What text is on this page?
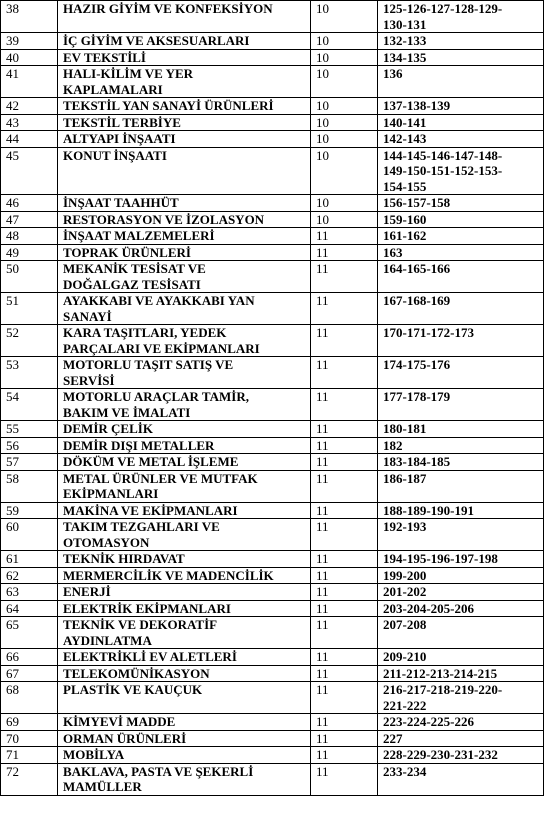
38	HAZIR GİYİM VE KONFEKSİYON	10	125-126-127-128-129-
130-131
39	İÇ GİYİM VE AKSESUARLARI	10	132-133
40	EV TEKSTİLİ	10	134-135
41	HALI-KİLİM VE YER
KAPLAMALARI	10	136
42	TEKSTİL YAN SANAYİ ÜRÜNLERİ	10	137-138-139
43	TEKSTİL TERBİYE	10	140-141
44	ALTYAPI İNŞAATI	10	142-143
45	KONUT İNŞAATI	10	144-145-146-147-148-
149-150-151-152-153-
154-155
46	İNŞAAT TAAHHÜT	10	156-157-158
47	RESTORASYON VE İZOLASYON	10	159-160
48	İNŞAAT MALZEMELERİ	11	161-162
49	TOPRAK ÜRÜNLERİ	11	163
50	MEKANİK TESİSAT VE
DOĞALGAZ TESİSATI	11	164-165-166
51	AYAKKABI VE AYAKKABI YAN
SANAYİ	11	167-168-169
52	KARA TAŞITLARI, YEDEK
PARÇALARI VE EKİPMANLARI	11	170-171-172-173
53	MOTORLU TAŞIT SATIŞ VE
SERVİSİ	11	174-175-176
54	MOTORLU ARAÇLAR TAMİR,
BAKIM VE İMALATI	11	177-178-179
55	DEMİR ÇELİK	11	180-181
56	DEMİR DIŞI METALLER	11	182
57	DÖKÜM VE METAL İŞLEME	11	183-184-185
58	METAL ÜRÜNLER VE MUTFAK
EKİPMANLARI	11	186-187
59	MAKİNA VE EKİPMANLARI	11	188-189-190-191
60	TAKIM TEZGAHLARI VE
OTOMASYON	11	192-193
61	TEKNİK HIRDAVAT	11	194-195-196-197-198
62	MERMERCİLİK VE MADENCİLİK	11	199-200
63	ENERJİ	11	201-202
64	ELEKTRİK EKİPMANLARI	11	203-204-205-206
65	TEKNİK VE DEKORATİF
AYDINLATMA	11	207-208
66	ELEKTRİKLİ EV ALETLERİ	11	209-210
67	TELEKOMÜNİKASYON	11	211-212-213-214-215
68	PLASTİK VE KAUÇUK	11	216-217-218-219-220-
221-222
69	KİMYEVİ MADDE	11	223-224-225-226
70	ORMAN ÜRÜNLERİ	11	227
71	MOBİLYA	11	228-229-230-231-232
72	BAKLAVA, PASTA VE ŞEKERLİ
MAMÜLLER	11	233-234
